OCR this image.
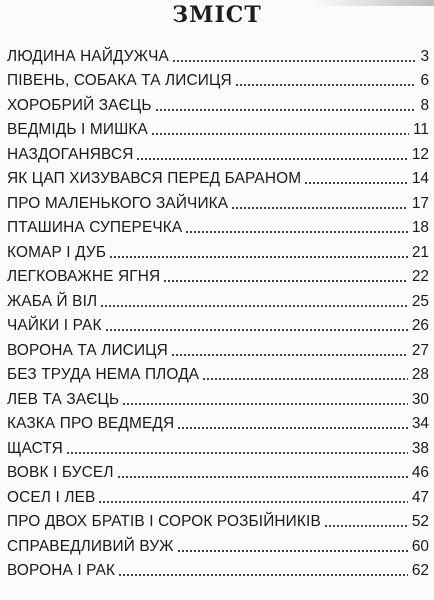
ЗМІСТ
ЛЮДИНА НАЙДУЖЧА	3
ПІВЕНЬ, СОБАКА ТА ЛИСИЦЯ	6
ХОРОБРИЙ ЗАЄЦЬ	8
ВЕДМІДЬ І МИШКА	11
НАЗДОГАНЯВСЯ	12
ЯК ЦАП ХИЗУВАВСЯ ПЕРЕД БАРАНОМ	14
ПРО МАЛЕНЬКОГО ЗАЙЧИКА	17
ПТАШИНА СУПЕРЕЧКА	18
КОМАР І ДУБ	21
ЛЕГКОВАЖНЕ ЯГНЯ	22
ЖАБА Й ВІЛ	25
ЧАЙКИ І РАК	26
ВОРОНА ТА ЛИСИЦЯ	27
БЕЗ ТРУДА НЕМА ПЛОДА	28
ЛЕВ ТА ЗАЄЦЬ	30
КАЗКА ПРО ВЕДМЕДЯ	34
ЩАСТЯ	38
ВОВК І БУСЕЛ	46
ОСЕЛ І ЛЕВ	47
ПРО ДВОХ БРАТІВ І СОРОК РОЗБІЙНИКІВ	52
СПРАВЕДЛИВИЙ ВУЖ	60
ВОРОНА І РАК	62
